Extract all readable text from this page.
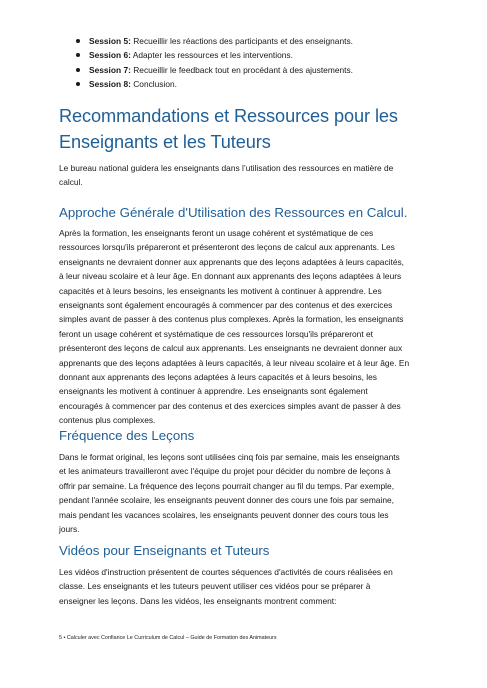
Session 5: Recueillir les réactions des participants et des enseignants.
Session 6: Adapter les ressources et les interventions.
Session 7: Recueillir le feedback tout en procédant à des ajustements.
Session 8: Conclusion.
Recommandations et Ressources pour les
Enseignants et les Tuteurs

Le bureau national guidera les enseignants dans l’utilisation des ressources en matière de

calcul.

Approche Générale d'Utilisation des Ressources en Calcul.

Après la formation, les enseignants feront un usage cohérent et systématique de ces

ressources lorsqu'ils prépareront et présenteront des leçons de calcul aux apprenants. Les

enseignants ne devraient donner aux apprenants que des leçons adaptées à leurs capacités,

à leur niveau scolaire et à leur âge. En donnant aux apprenants des leçons adaptées à leurs

capacités et à leurs besoins, les enseignants les motivent à continuer à apprendre. Les

enseignants sont également encouragés à commencer par des contenus et des exercices

simples avant de passer à des contenus plus complexes. Après la formation, les enseignants

feront un usage cohérent et systématique de ces ressources lorsqu'ils prépareront et

présenteront des leçons de calcul aux apprenants. Les enseignants ne devraient donner aux

apprenants que des leçons adaptées à leurs capacités, à leur niveau scolaire et à leur âge. En

donnant aux apprenants des leçons adaptées à leurs capacités et à leurs besoins, les

enseignants les motivent à continuer à apprendre. Les enseignants sont également

encouragés à commencer par des contenus et des exercices simples avant de passer à des

contenus plus complexes.

Fréquence des Leçons

Dans le format original, les leçons sont utilisées cinq fois par semaine, mais les enseignants

et les animateurs travailleront avec l'équipe du projet pour décider du nombre de leçons à

offrir par semaine. La fréquence des leçons pourrait changer au fil du temps. Par exemple,

pendant l'année scolaire, les enseignants peuvent donner des cours une fois par semaine,

mais pendant les vacances scolaires, les enseignants peuvent donner des cours tous les

jours.

Vidéos pour Enseignants et Tuteurs

Les vidéos d'instruction présentent de courtes séquences d'activités de cours réalisées en

classe. Les enseignants et les tuteurs peuvent utiliser ces vidéos pour se préparer à

enseigner les leçons. Dans les vidéos, les enseignants montrent comment:

5 • Calculer avec Confiance Le Curriculum de Calcul – Guide de Formation des Animateurs
